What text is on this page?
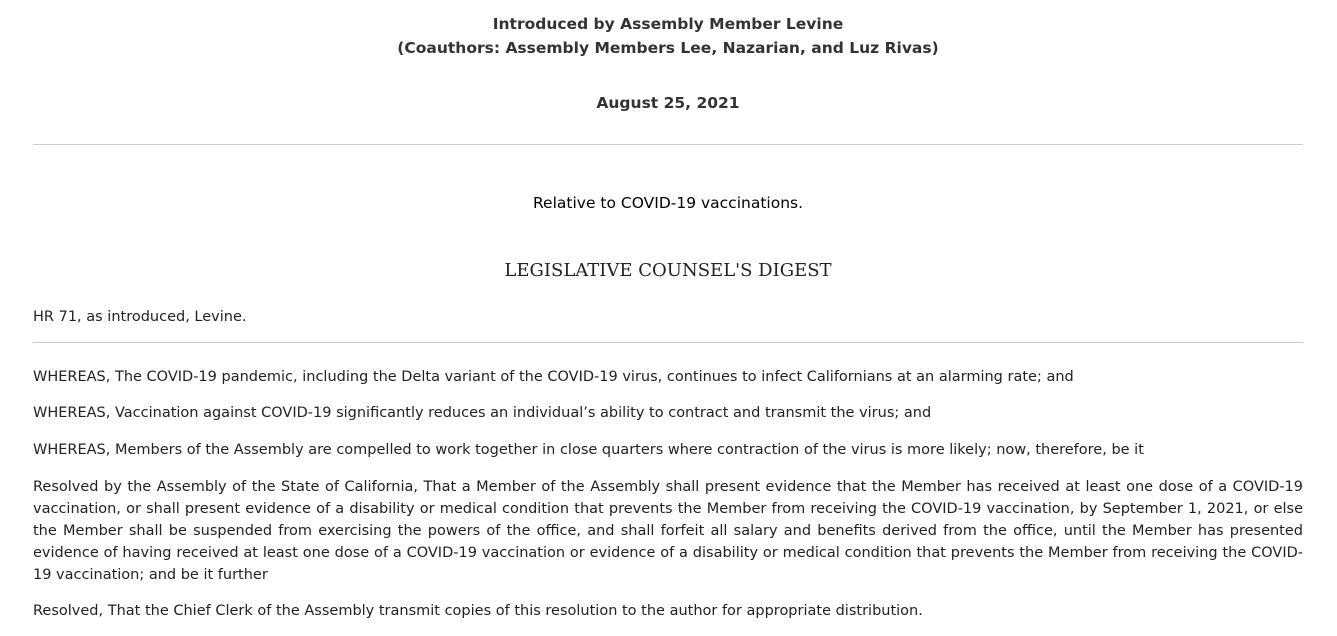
Introduced by Assembly Member Levine
(Coauthors: Assembly Members Lee, Nazarian, and Luz Rivas)
August 25, 2021
Relative to COVID-19 vaccinations.
LEGISLATIVE COUNSEL'S DIGEST
HR 71, as introduced, Levine.

WHEREAS, The COVID-19 pandemic, including the Delta variant of the COVID-19 virus, continues to infect Californians at an alarming rate; and

WHEREAS, Vaccination against COVID-19 significantly reduces an individual’s ability to contract and transmit the virus; and

WHEREAS, Members of the Assembly are compelled to work together in close quarters where contraction of the virus is more likely; now, therefore, be it

Resolved by the Assembly of the State of California, That a Member of the Assembly shall present evidence that the Member has received at least one dose of a COVID-19 vaccination, or shall present evidence of a disability or medical condition that prevents the Member from receiving the COVID-19 vaccination, by September 1, 2021, or else the Member shall be suspended from exercising the powers of the office, and shall forfeit all salary and benefits derived from the office, until the Member has presented evidence of having received at least one dose of a COVID-19 vaccination or evidence of a disability or medical condition that prevents the Member from receiving the COVID-19 vaccination; and be it further

Resolved, That the Chief Clerk of the Assembly transmit copies of this resolution to the author for appropriate distribution.
